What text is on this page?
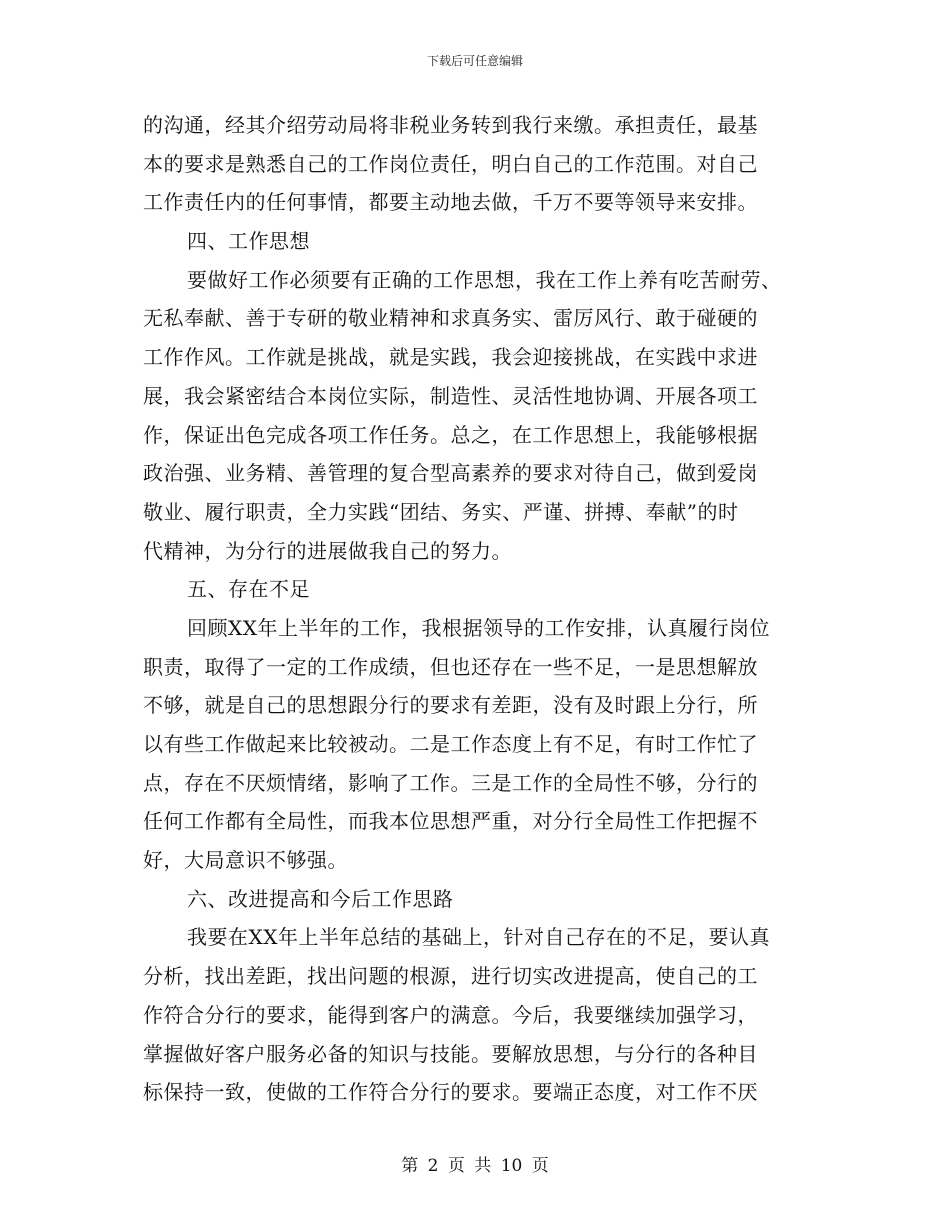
下载后可任意编辑
的沟通，经其介绍劳动局将非税业务转到我行来缴。承担责任，最基
本的要求是熟悉自己的工作岗位责任，明白自己的工作范围。对自己
工作责任内的任何事情，都要主动地去做，千万不要等领导来安排。
四、工作思想
要做好工作必须要有正确的工作思想，我在工作上养有吃苦耐劳、
无私奉献、善于专研的敬业精神和求真务实、雷厉风行、敢于碰硬的
工作作风。工作就是挑战，就是实践，我会迎接挑战，在实践中求进
展，我会紧密结合本岗位实际，制造性、灵活性地协调、开展各项工
作，保证出色完成各项工作任务。总之，在工作思想上，我能够根据
政治强、业务精、善管理的复合型高素养的要求对待自己，做到爱岗
敬业、履行职责，全力实践“团结、务实、严谨、拼搏、奉献”的时
代精神，为分行的进展做我自己的努力。
五、存在不足
回顾XX年上半年的工作，我根据领导的工作安排，认真履行岗位
职责，取得了一定的工作成绩，但也还存在一些不足，一是思想解放
不够，就是自己的思想跟分行的要求有差距，没有及时跟上分行，所
以有些工作做起来比较被动。二是工作态度上有不足，有时工作忙了
点，存在不厌烦情绪，影响了工作。三是工作的全局性不够，分行的
任何工作都有全局性，而我本位思想严重，对分行全局性工作把握不
好，大局意识不够强。
六、改进提高和今后工作思路
我要在XX年上半年总结的基础上，针对自己存在的不足，要认真
分析，找出差距，找出问题的根源，进行切实改进提高，使自己的工
作符合分行的要求，能得到客户的满意。今后，我要继续加强学习，
掌握做好客户服务必备的知识与技能。要解放思想，与分行的各种目
标保持一致，使做的工作符合分行的要求。要端正态度，对工作不厌
第 2 页 共 10 页
